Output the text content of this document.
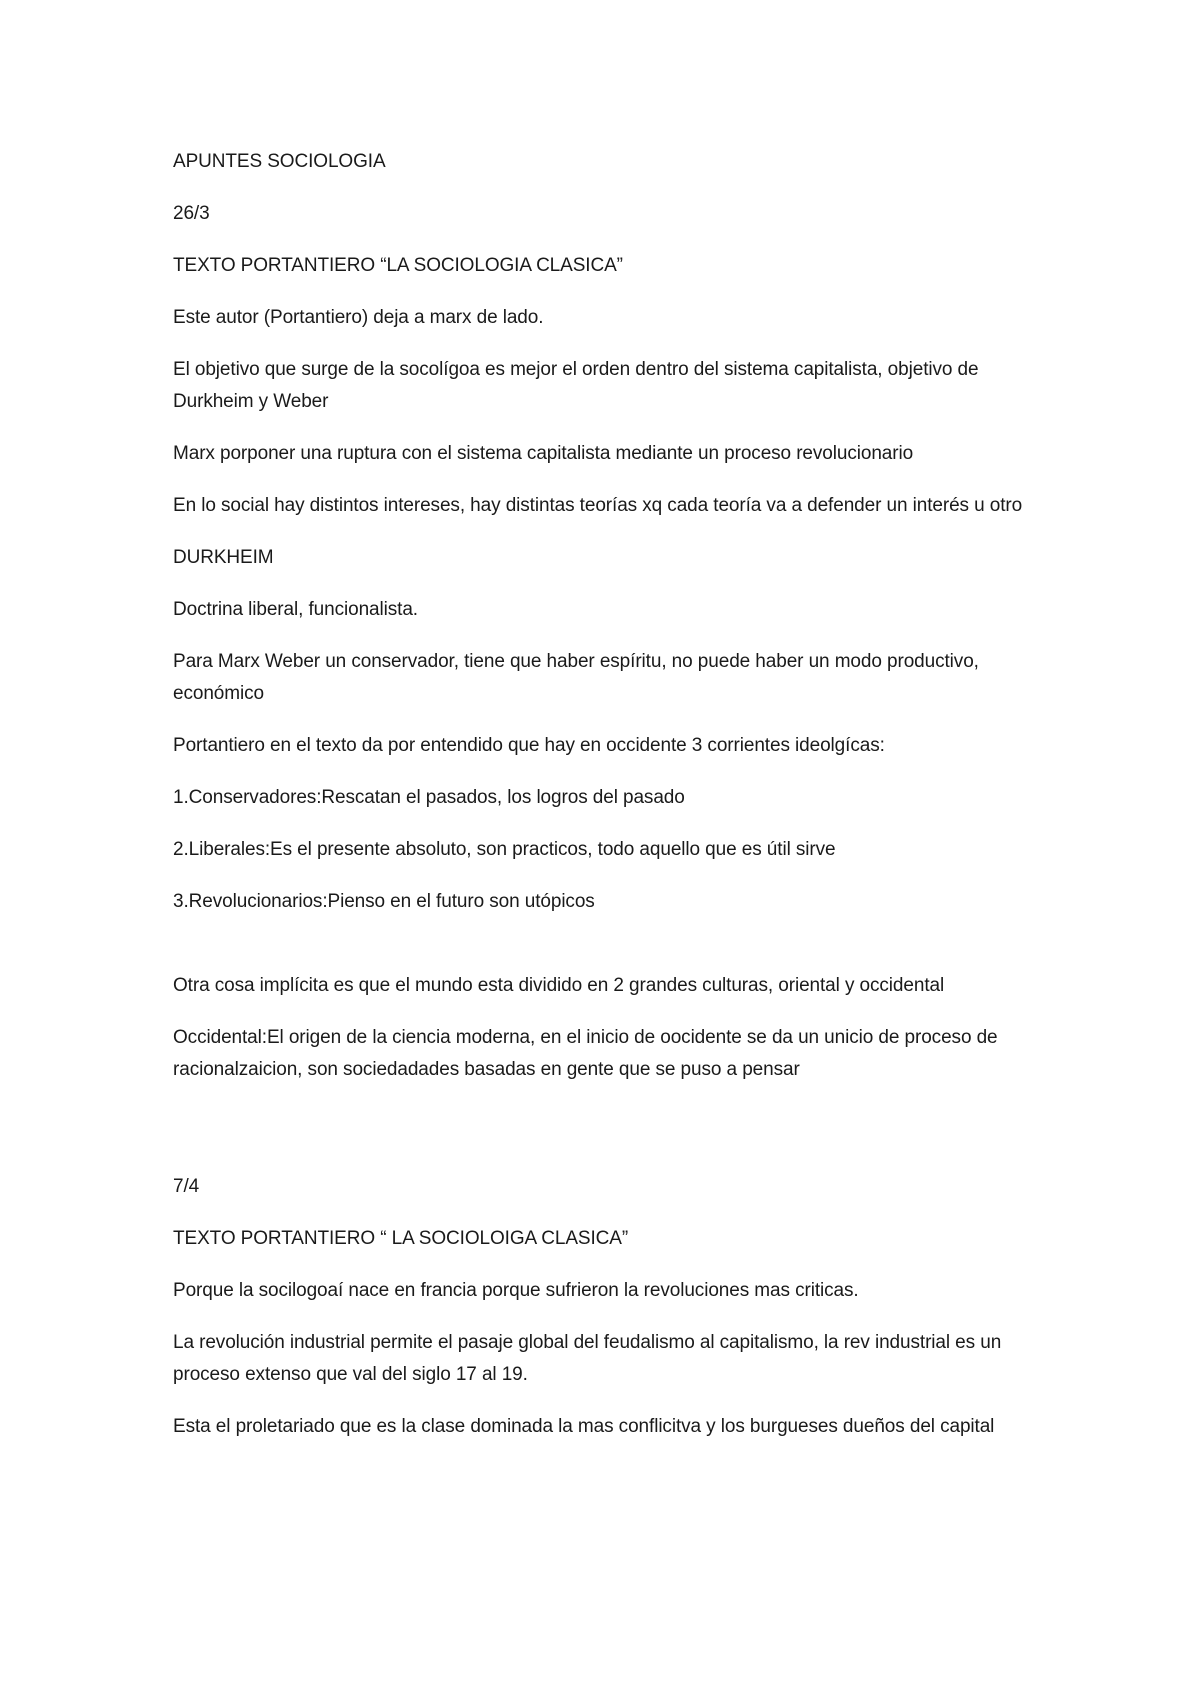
APUNTES SOCIOLOGIA

26/3

TEXTO PORTANTIERO “LA SOCIOLOGIA CLASICA”

Este autor (Portantiero) deja a marx de lado.

El objetivo que surge de la socolígoa es mejor el orden dentro del sistema capitalista, objetivo de Durkheim y Weber

Marx porponer una ruptura con el sistema capitalista mediante un proceso revolucionario

En lo social hay distintos intereses, hay distintas teorías xq cada teoría va a defender un interés u otro

DURKHEIM

Doctrina liberal, funcionalista.

Para Marx Weber un conservador, tiene que haber espíritu, no puede haber un modo productivo, económico

Portantiero en el texto da por entendido que hay en occidente 3 corrientes ideolgícas:

1.Conservadores:Rescatan el pasados, los logros del pasado

2.Liberales:Es el presente absoluto, son practicos, todo aquello que es útil sirve

3.Revolucionarios:Pienso en el futuro son utópicos

Otra cosa implícita es que el mundo esta dividido en 2 grandes culturas, oriental y occidental

Occidental:El origen de la ciencia moderna, en el inicio de oocidente se da un unicio de proceso de racionalzaicion, son sociedadades basadas en gente que se puso a pensar

7/4

TEXTO PORTANTIERO “ LA SOCIOLOIGA CLASICA”

Porque la socilogoaí nace en francia porque sufrieron la revoluciones mas criticas.

La revolución industrial permite el pasaje global del feudalismo al capitalismo, la rev industrial es un proceso extenso que val del siglo 17 al 19.

Esta el proletariado que es la clase dominada la mas conflicitva y los burgueses dueños del capital
